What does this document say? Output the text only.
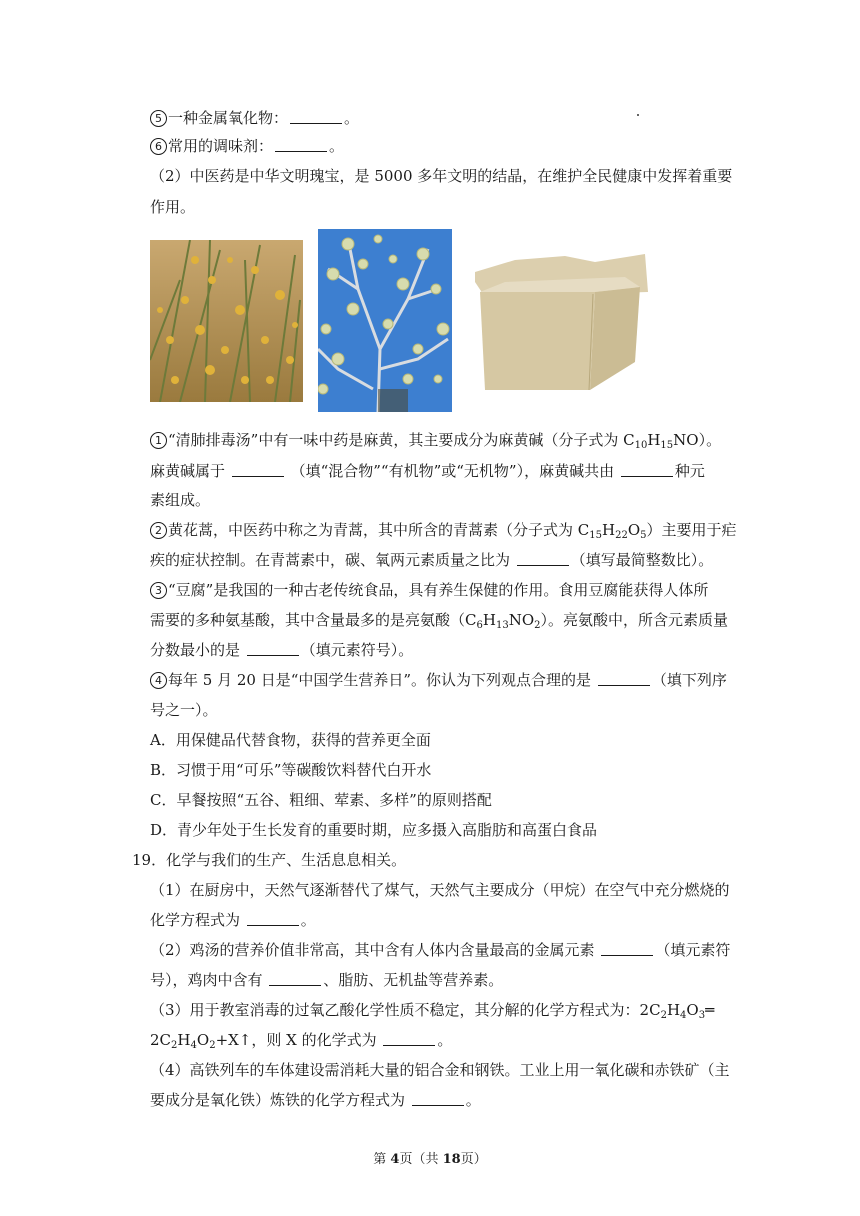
5 一种金属氧化物：	。
6 常用的调味剂：	。
（2）中医药是中华文明瑰宝，是 5000 多年文明的结晶，在维护全民健康中发挥着重要
作用。
1 “清肺排毒汤”中有一味中药是麻黄，其主要成分为麻黄碱（分子式为 $C_{10}H_{15}NO$）。
麻黄碱属于	（填“混合物”“有机物”或“无机物”），麻黄碱共由	种元
素组成。
2 黄花蒿，中医药中称之为青蒿，其中所含的青蒿素（分子式为 $C_{15}H_{22}O_5$）主要用于疟
疾的症状控制。在青蒿素中，碳、氧两元素质量之比为	（填写最简整数比）。
3 “豆腐”是我国的一种古老传统食品，具有养生保健的作用。食用豆腐能获得人体所
需要的多种氨基酸，其中含量最多的是亮氨酸$(C_6H_{13}NO_2)$。亮氨酸中，所含元素质量
分数最小的是	（填元素符号）。
4 每年 5 月 20 日是“中国学生营养日”。你认为下列观点合理的是	（填下列序
号之一）。
A．用保健品代替食物，获得的营养更全面
B．习惯于用“可乐”等碳酸饮料替代白开水
C．早餐按照“五谷、粗细、荤素、多样”的原则搭配
D．青少年处于生长发育的重要时期，应多摄入高脂肪和高蛋白食品
19．化学与我们的生产、生活息息相关。
（1）在厨房中，天然气逐渐替代了煤气，天然气主要成分（甲烷）在空气中充分燃烧的
化学方程式为	。
（2）鸡汤的营养价值非常高，其中含有人体内含量最高的金属元素	（填元素符
号），鸡肉中含有	、脂肪、无机盐等营养素。
（3）用于教室消毒的过氧乙酸化学性质不稳定，其分解的化学方程式为：$2C_2H_4O_3═$
$2C_2H_4O_2+X↑$，则 X 的化学式为	。
（4）高铁列车的车体建设需消耗大量的铝合金和钢铁。工业上用一氧化碳和赤铁矿（主
要成分是氧化铁）炼铁的化学方程式为	。
第 4页（共 18页）
